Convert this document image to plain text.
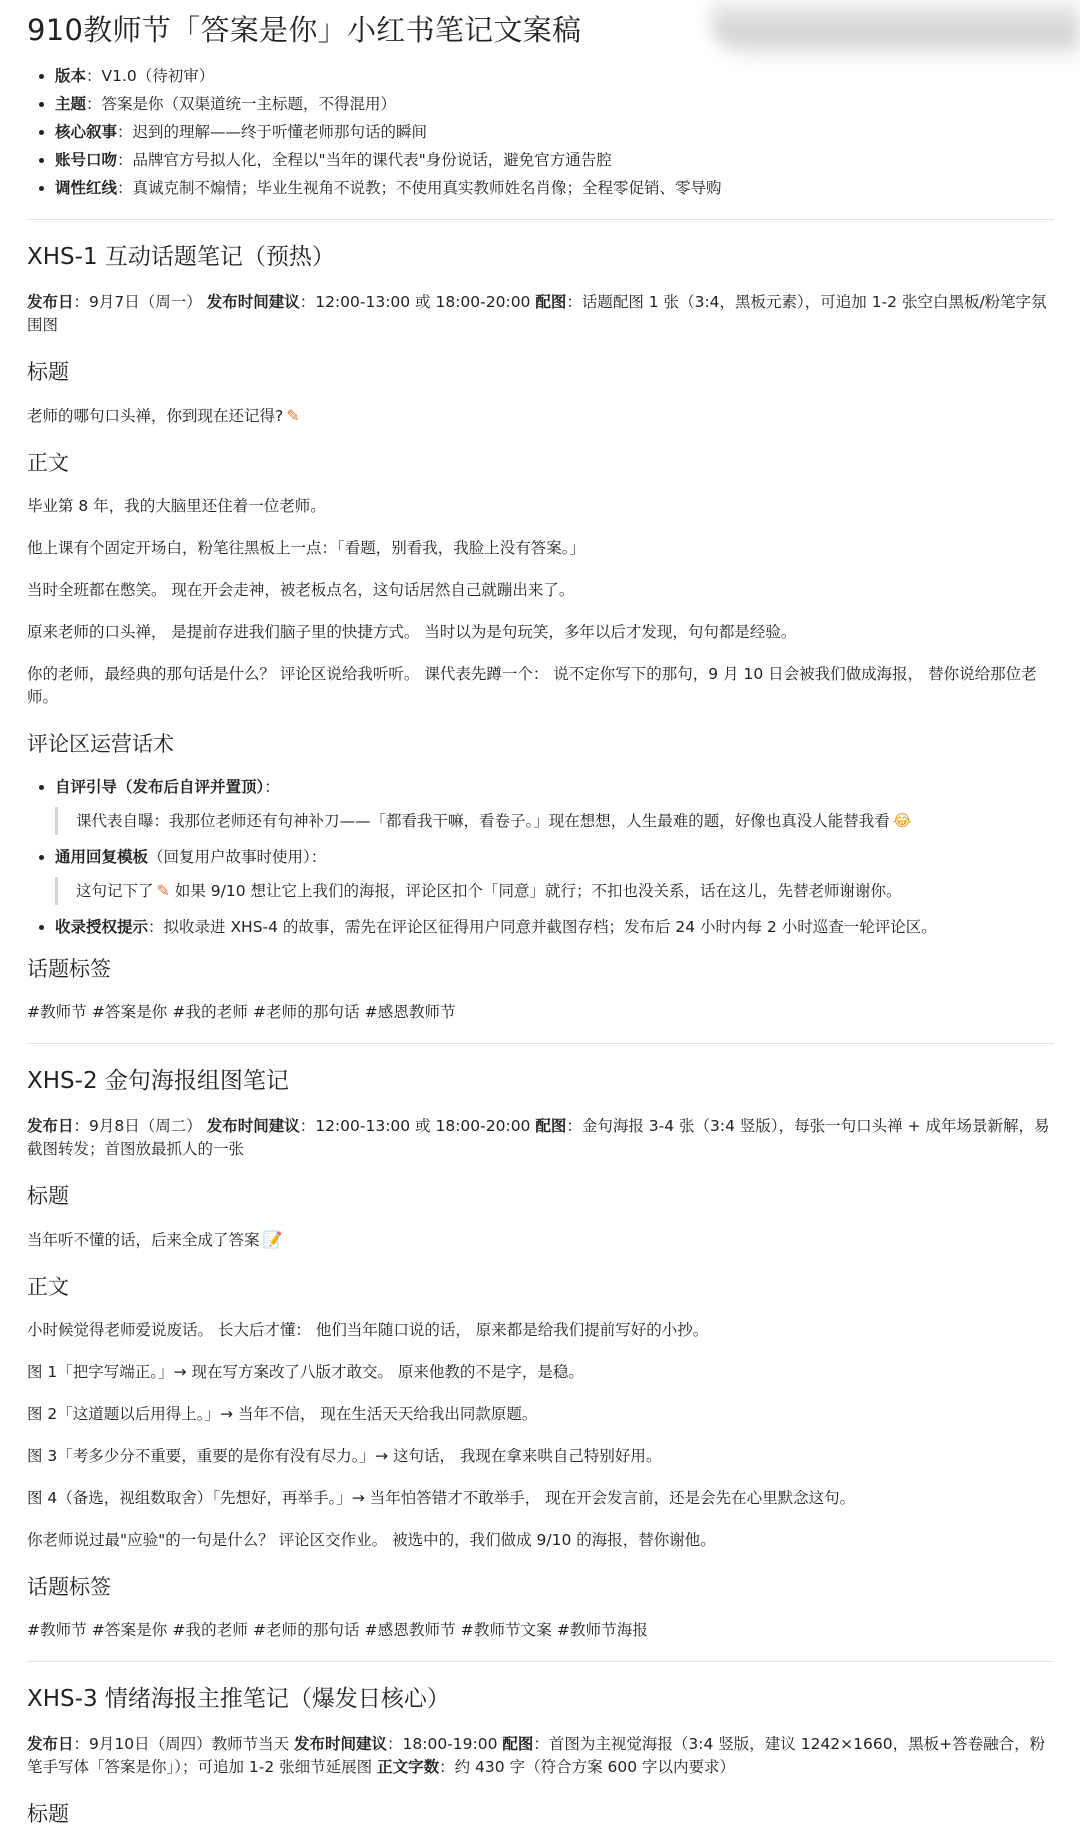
910教师节「答案是你」小红书笔记文案稿
• 版本：V1.0（待初审）
• 主题：答案是你（双渠道统一主标题，不得混用）
• 核心叙事：迟到的理解——终于听懂老师那句话的瞬间
• 账号口吻：品牌官方号拟人化，全程以"当年的课代表"身份说话，避免官方通告腔
• 调性红线：真诚克制不煽情；毕业生视角不说教；不使用真实教师姓名肖像；全程零促销、零导购
XHS-1 互动话题笔记（预热）

发布日：9月7日（周一） 发布时间建议：12:00-13:00 或 18:00-20:00 配图：话题配图 1 张（3:4，黑板元素），可追加 1-2 张空白黑板/粉笔字氛围图

标题

老师的哪句口头禅，你到现在还记得? ✎

正文

毕业第 8 年，我的大脑里还住着一位老师。

他上课有个固定开场白，粉笔往黑板上一点：「看题，别看我，我脸上没有答案。」

当时全班都在憋笑。 现在开会走神，被老板点名，这句话居然自己就蹦出来了。

原来老师的口头禅， 是提前存进我们脑子里的快捷方式。 当时以为是句玩笑，多年以后才发现，句句都是经验。

你的老师，最经典的那句话是什么？ 评论区说给我听听。 课代表先蹲一个： 说不定你写下的那句，9 月 10 日会被我们做成海报， 替你说给那位老师。

评论区运营话术
• 自评引导（发布后自评并置顶）：
课代表自曝：我那位老师还有句神补刀——「都看我干嘛，看卷子。」现在想想，人生最难的题，好像也真没人能替我看 😂
• 通用回复模板（回复用户故事时使用）：
这句记下了 ✎ 如果 9/10 想让它上我们的海报，评论区扣个「同意」就行；不扣也没关系，话在这儿，先替老师谢谢你。
• 收录授权提示：拟收录进 XHS-4 的故事，需先在评论区征得用户同意并截图存档；发布后 24 小时内每 2 小时巡查一轮评论区。
话题标签

#教师节 #答案是你 #我的老师 #老师的那句话 #感恩教师节

XHS-2 金句海报组图笔记

发布日：9月8日（周二） 发布时间建议：12:00-13:00 或 18:00-20:00 配图：金句海报 3-4 张（3:4 竖版），每张一句口头禅 + 成年场景新解，易截图转发；首图放最抓人的一张

标题

当年听不懂的话，后来全成了答案 📝

正文

小时候觉得老师爱说废话。 长大后才懂： 他们当年随口说的话， 原来都是给我们提前写好的小抄。

图 1「把字写端正。」→ 现在写方案改了八版才敢交。 原来他教的不是字，是稳。

图 2「这道题以后用得上。」→ 当年不信， 现在生活天天给我出同款原题。

图 3「考多少分不重要，重要的是你有没有尽力。」→ 这句话， 我现在拿来哄自己特别好用。

图 4（备选，视组数取舍）「先想好，再举手。」→ 当年怕答错才不敢举手， 现在开会发言前，还是会先在心里默念这句。

你老师说过最"应验"的一句是什么？ 评论区交作业。 被选中的，我们做成 9/10 的海报，替你谢他。

话题标签

#教师节 #答案是你 #我的老师 #老师的那句话 #感恩教师节 #教师节文案 #教师节海报

XHS-3 情绪海报主推笔记（爆发日核心）

发布日：9月10日（周四）教师节当天 发布时间建议：18:00-19:00 配图：首图为主视觉海报（3:4 竖版，建议 1242×1660，黑板+答卷融合，粉笔手写体「答案是你」）；可追加 1-2 张细节延展图 正文字数：约 430 字（符合方案 600 字以内要求）

标题
